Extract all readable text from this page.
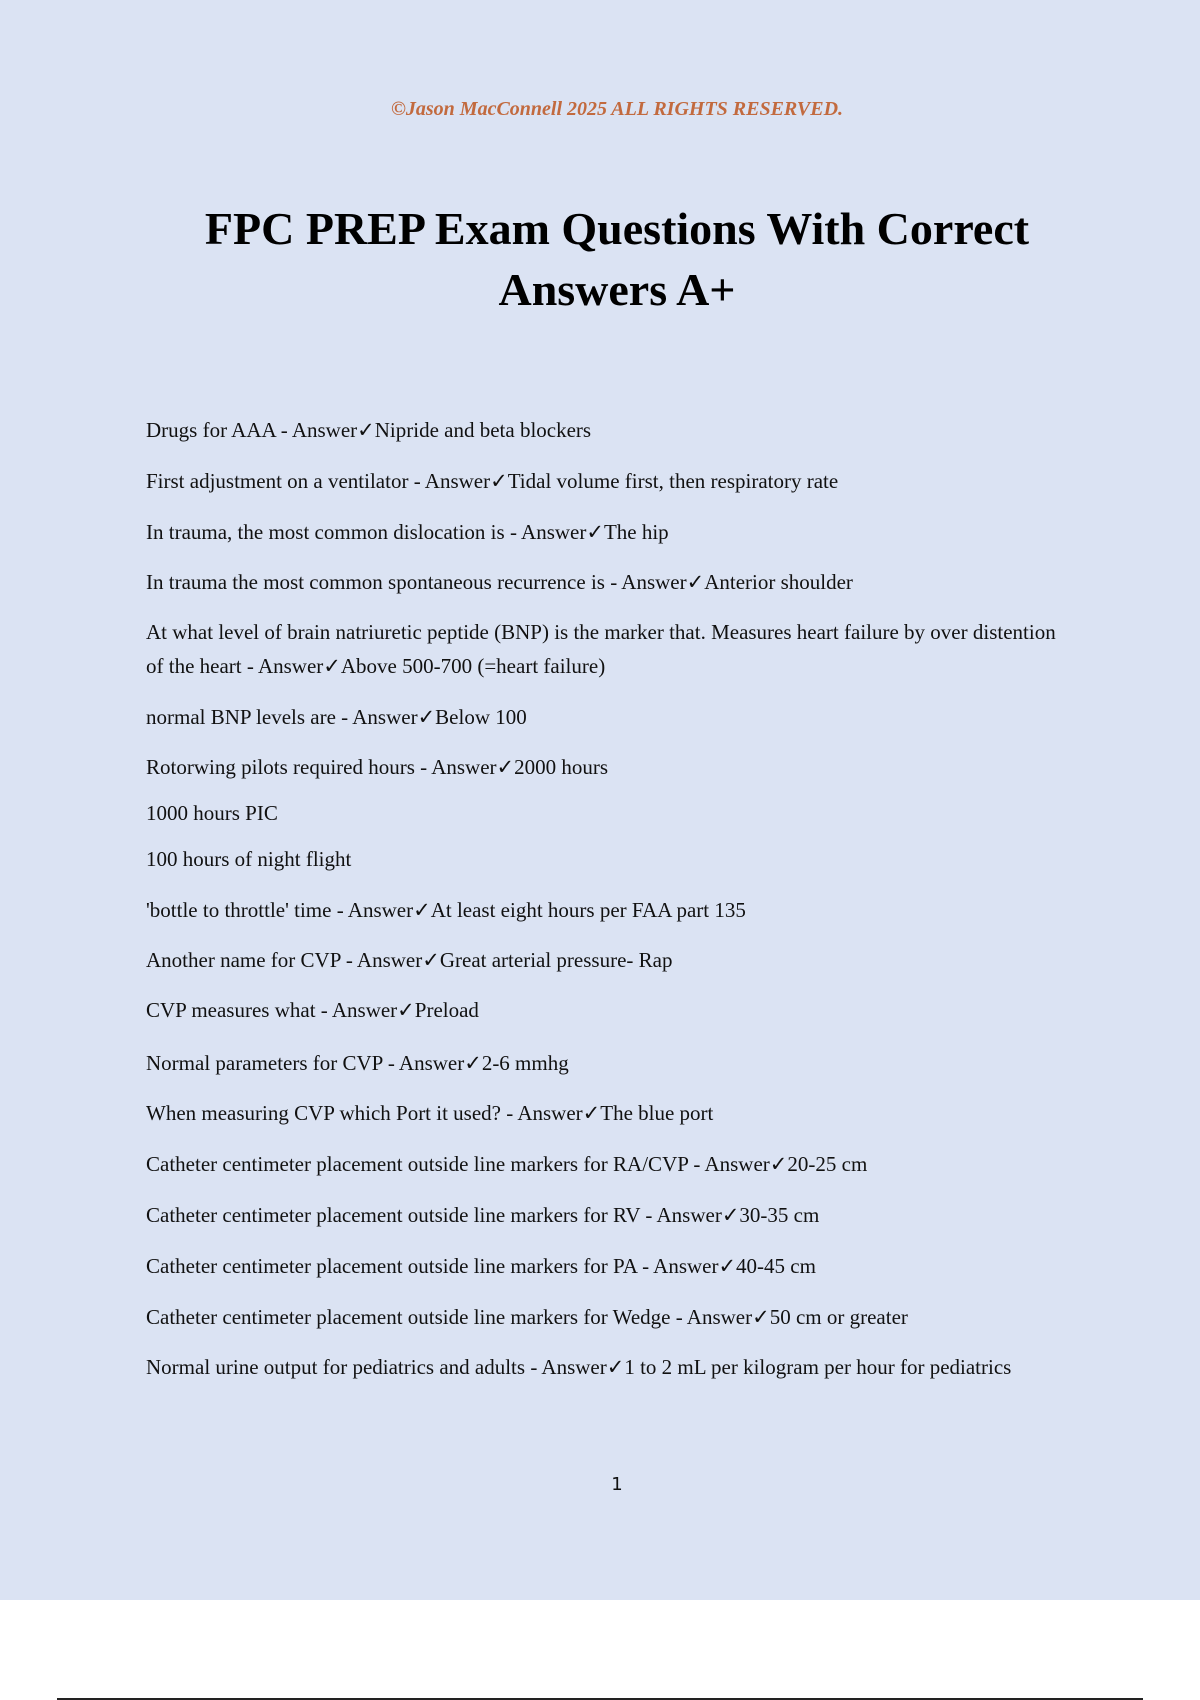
©Jason MacConnell 2025 ALL RIGHTS RESERVED.

FPC PREP Exam Questions With Correct Answers A+
Drugs for AAA - Answer✓Nipride and beta blockers
First adjustment on a ventilator - Answer✓Tidal volume first, then respiratory rate
In trauma, the most common dislocation is - Answer✓The hip
In trauma the most common spontaneous recurrence is - Answer✓Anterior shoulder
At what level of brain natriuretic peptide (BNP) is the marker that. Measures heart failure by over distention of the heart - Answer✓Above 500-700 (=heart failure)
normal BNP levels are - Answer✓Below 100
Rotorwing pilots required hours - Answer✓2000 hours
1000 hours PIC
100 hours of night flight
'bottle to throttle' time - Answer✓At least eight hours per FAA part 135
Another name for CVP - Answer✓Great arterial pressure- Rap
CVP measures what - Answer✓Preload
Normal parameters for CVP - Answer✓2-6 mmhg
When measuring CVP which Port it used? - Answer✓The blue port
Catheter centimeter placement outside line markers for RA/CVP - Answer✓20-25 cm
Catheter centimeter placement outside line markers for RV - Answer✓30-35 cm
Catheter centimeter placement outside line markers for PA - Answer✓40-45 cm
Catheter centimeter placement outside line markers for Wedge - Answer✓50 cm or greater
Normal urine output for pediatrics and adults - Answer✓1 to 2 mL per kilogram per hour for pediatrics

1
